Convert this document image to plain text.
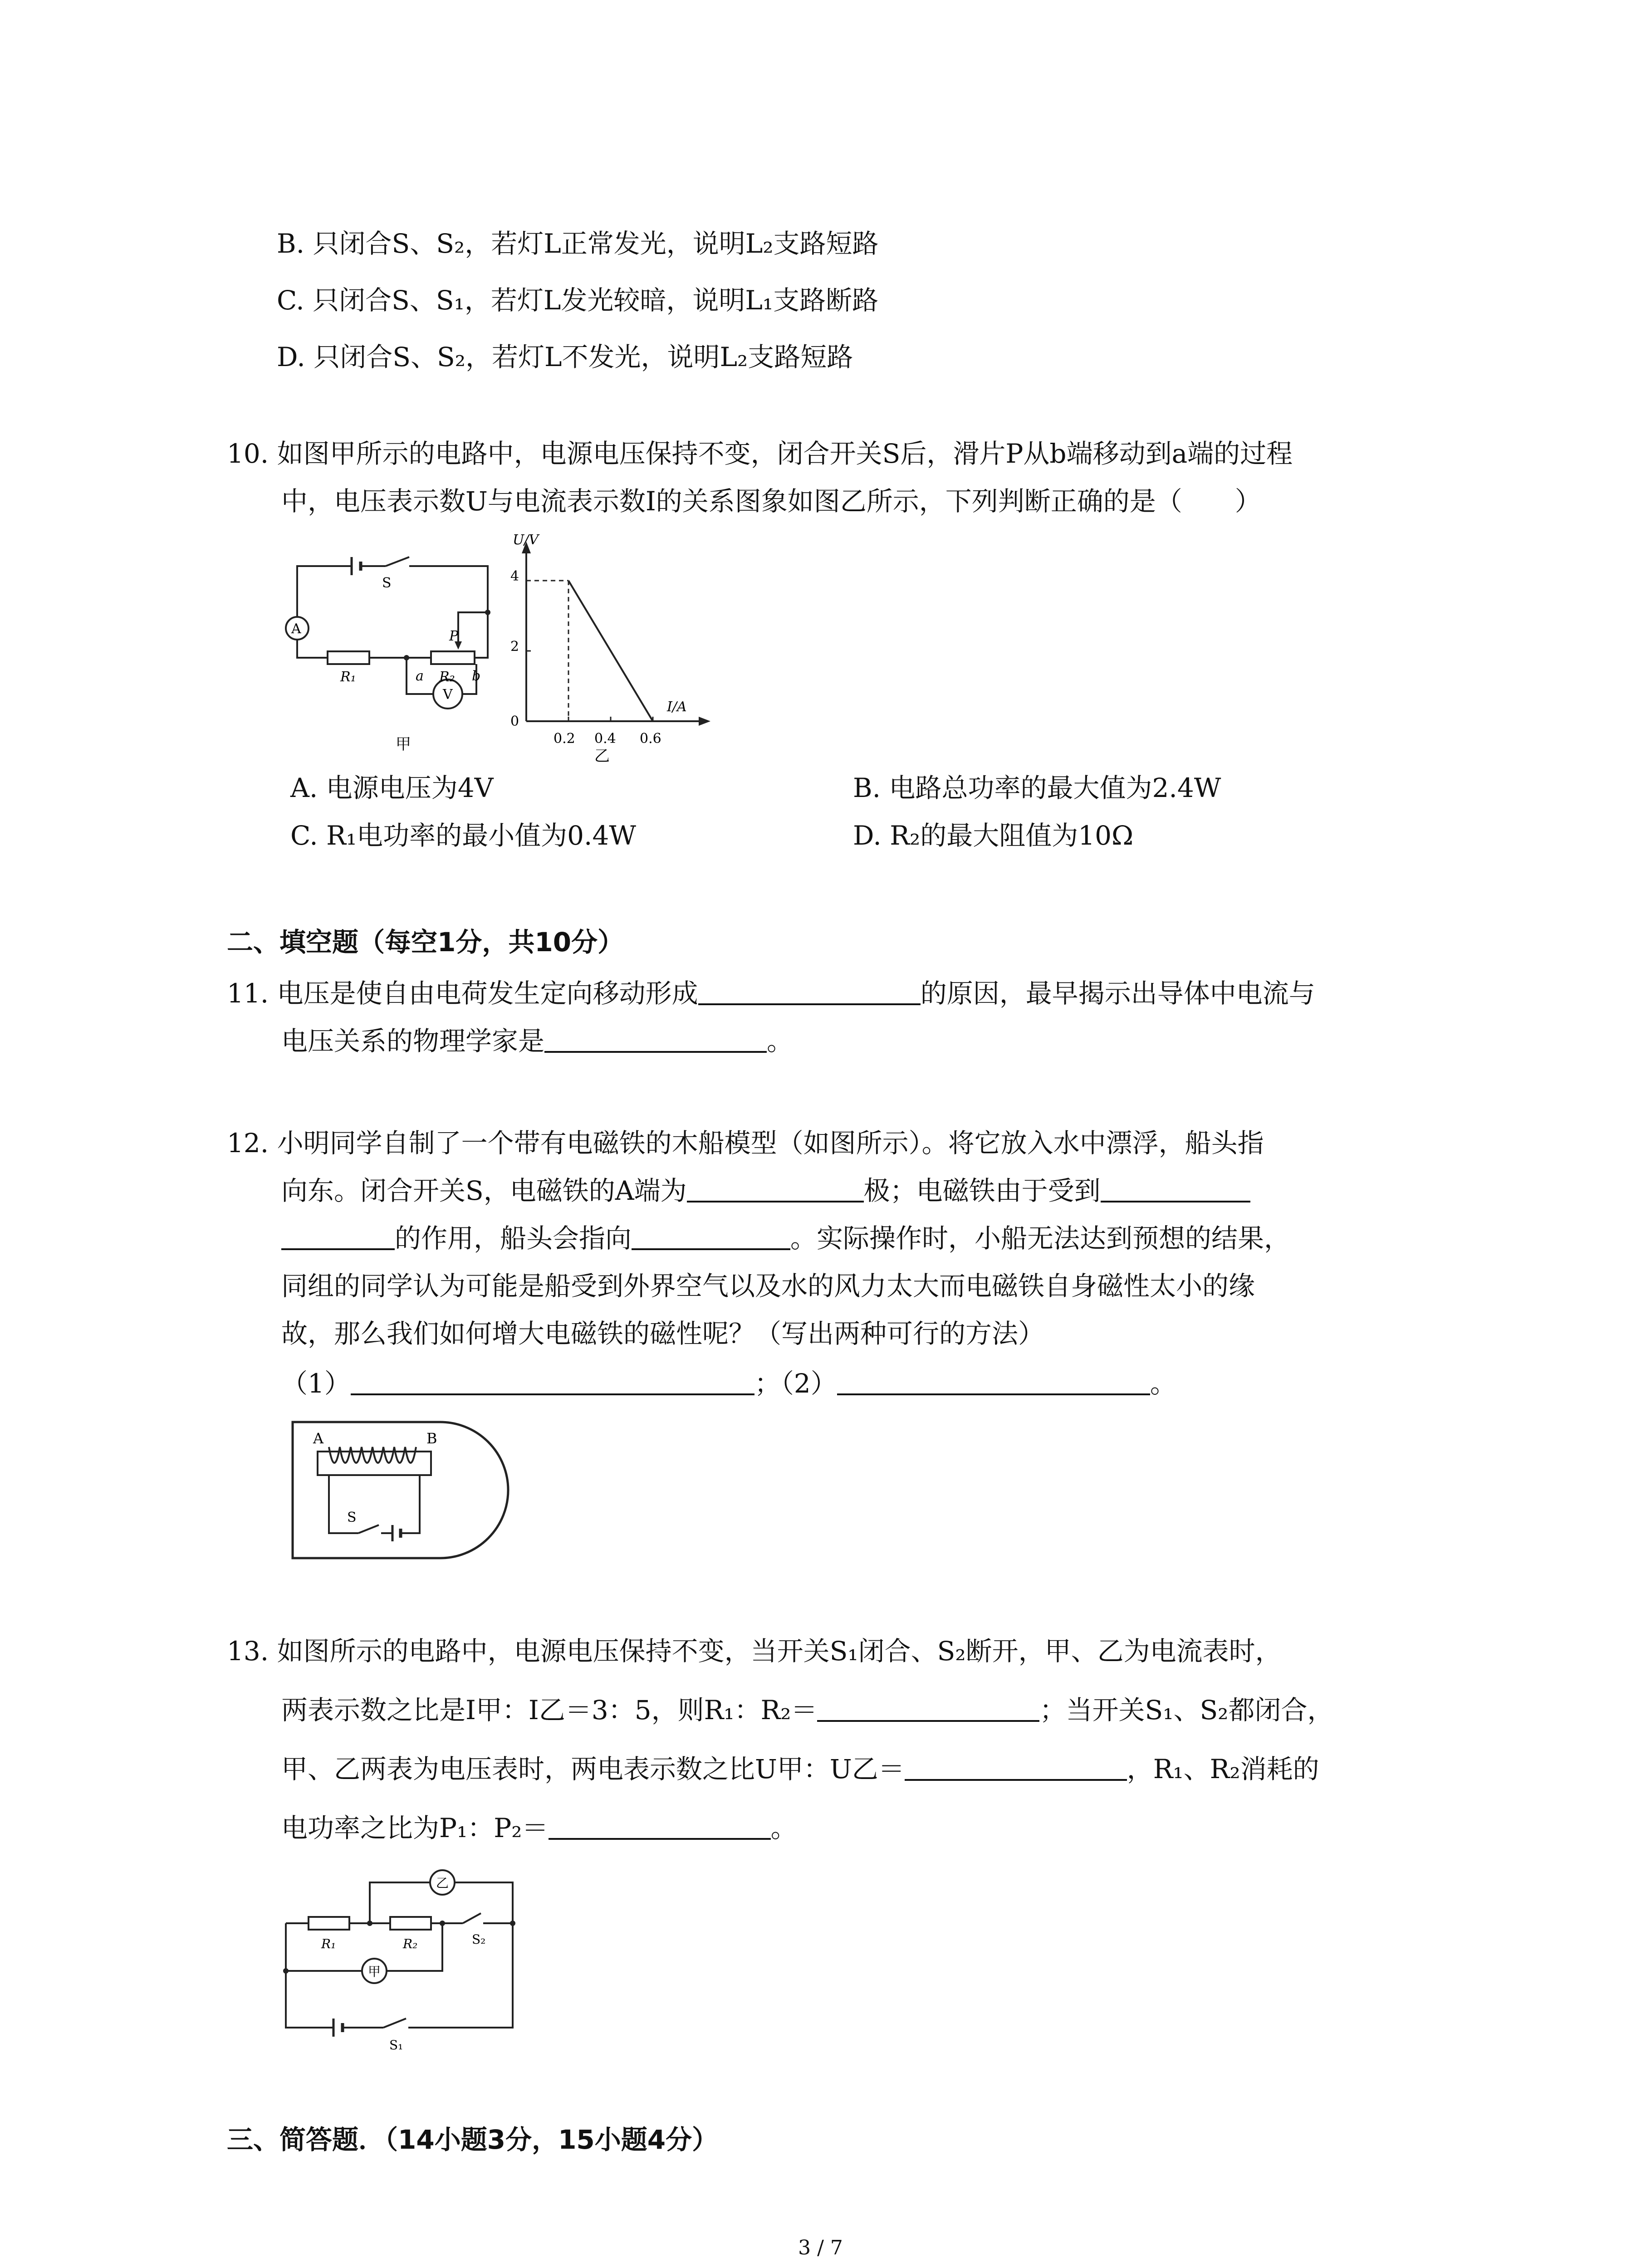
B. 只闭合S、S₂，若灯L正常发光，说明L₂支路短路
C. 只闭合S、S₁，若灯L发光较暗，说明L₁支路断路
D. 只闭合S、S₂，若灯L不发光，说明L₂支路短路
10. 如图甲所示的电路中，电源电压保持不变，闭合开关S后，滑片P从b端移动到a端的过程
中，电压表示数U与电流表示数I的关系图象如图乙所示，下列判断正确的是（　　）
S
A
V
R₁	R₂
P
a	b
甲
U/V
I/A
4
2
0
0.2 0.4 0.6
乙
A. 电源电压为4V	B. 电路总功率的最大值为2.4W
C. R₁电功率的最小值为0.4W	D. R₂的最大阻值为10Ω
二、填空题（每空1分，共10分）
11. 电压是使自由电荷发生定向移动形成	的原因，最早揭示出导体中电流与
电压关系的物理学家是	。
12. 小明同学自制了一个带有电磁铁的木船模型（如图所示）。将它放入水中漂浮，船头指
向东。闭合开关S，电磁铁的A端为	极；电磁铁由于受到
的作用，船头会指向	。实际操作时，小船无法达到预想的结果，
同组的同学认为可能是船受到外界空气以及水的风力太大而电磁铁自身磁性太小的缘
故，那么我们如何增大电磁铁的磁性呢？（写出两种可行的方法）
（1）	；（2）	。
A	B
S
13. 如图所示的电路中，电源电压保持不变，当开关S₁闭合、S₂断开，甲、乙为电流表时，
两表示数之比是I甲：I乙＝3：5，则R₁：R₂＝	；当开关S₁、S₂都闭合，
甲、乙两表为电压表时，两电表示数之比U甲：U乙＝	，R₁、R₂消耗的
电功率之比为P₁：P₂＝	。
乙
甲
R₁	R₂
S₁
S₂
三、简答题．（14小题3分，15小题4分）
3 / 7
